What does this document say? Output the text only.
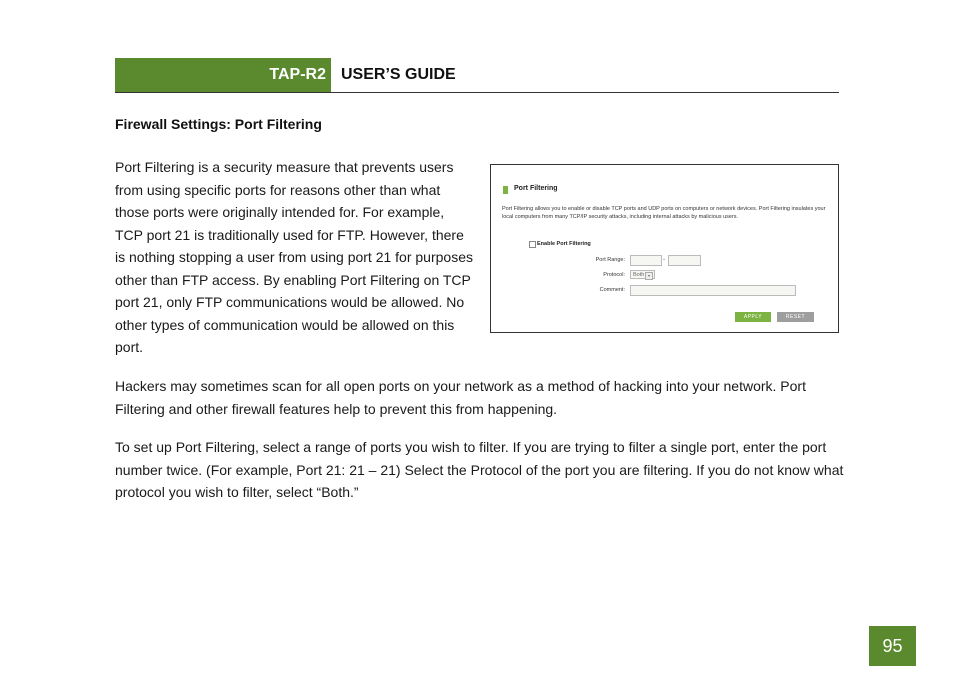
TAP-R2 USER’S GUIDE
Firewall Settings: Port Filtering
Port Filtering is a security measure that prevents users from using specific ports for reasons other than what those ports were originally intended for. For example, TCP port 21 is traditionally used for FTP. However, there is nothing stopping a user from using port 21 for purposes other than FTP access. By enabling Port Filtering on TCP port 21, only FTP communications would be allowed. No other types of communication would be allowed on this port.
Port Filtering
Port Filtering allows you to enable or disable TCP ports and UDP ports on computers or network devices. Port Filtering insulates your local computers from many TCP/IP security attacks, including internal attacks by malicious users.
Enable Port Filtering
Port Range:	-
Protocol:	Both ▾
Comment:
APPLY	RESET
Hackers may sometimes scan for all open ports on your network as a method of hacking into your network. Port Filtering and other firewall features help to prevent this from happening.
To set up Port Filtering, select a range of ports you wish to filter. If you are trying to filter a single port, enter the port number twice. (For example, Port 21: 21 – 21) Select the Protocol of the port you are filtering. If you do not know what protocol you wish to filter, select “Both.”
95
